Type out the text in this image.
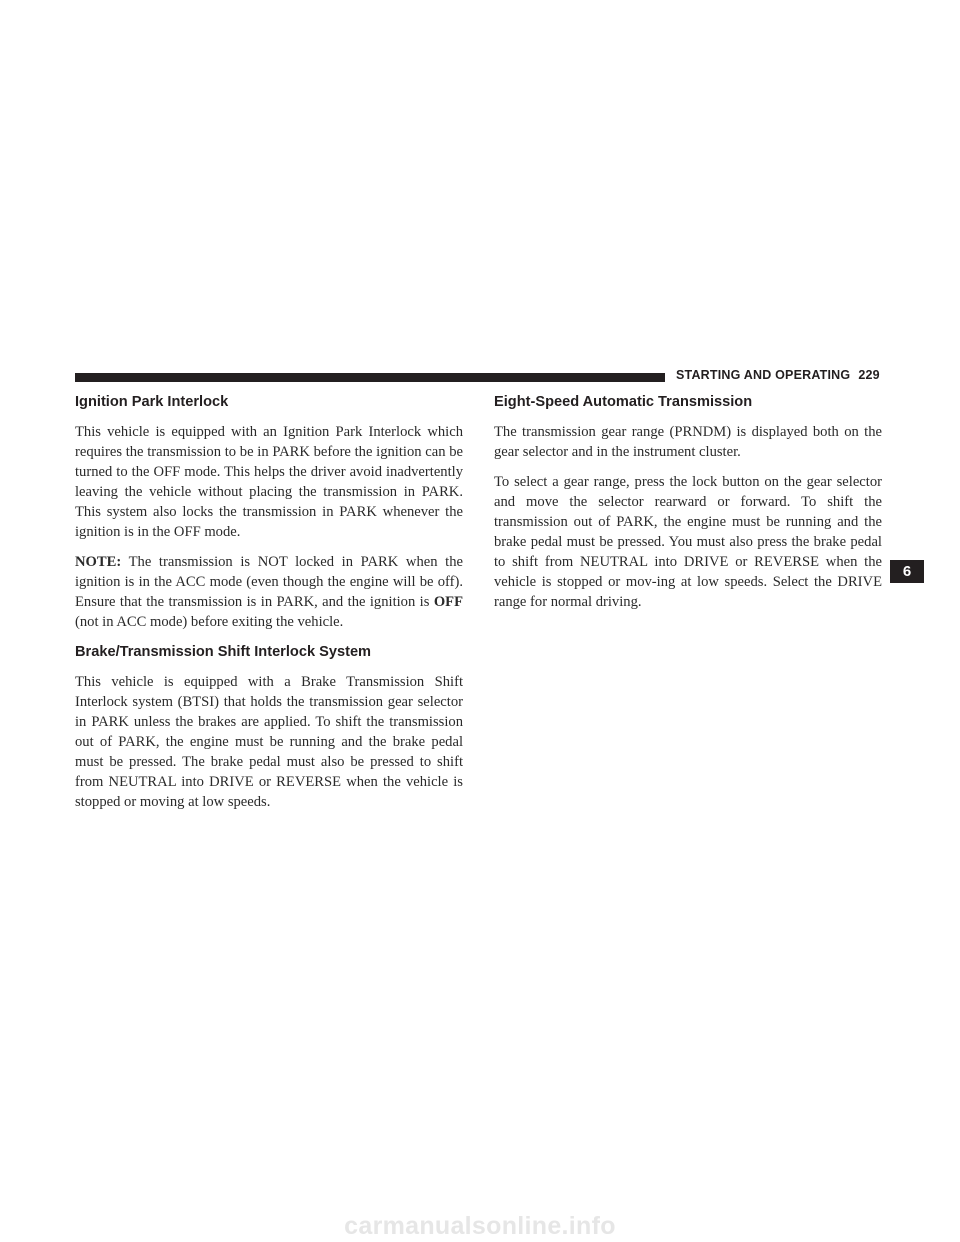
STARTING AND OPERATING 229
Ignition Park Interlock

This vehicle is equipped with an Ignition Park Interlock which requires the transmission to be in PARK before the ignition can be turned to the OFF mode. This helps the driver avoid inadvertently leaving the vehicle without placing the transmission in PARK. This system also locks the transmission in PARK whenever the ignition is in the OFF mode.

NOTE: The transmission is NOT locked in PARK when the ignition is in the ACC mode (even though the engine will be off). Ensure that the transmission is in PARK, and the ignition is OFF (not in ACC mode) before exiting the vehicle.

Brake/Transmission Shift Interlock System

This vehicle is equipped with a Brake Transmission Shift Interlock system (BTSI) that holds the transmission gear selector in PARK unless the brakes are applied. To shift the transmission out of PARK, the engine must be running and the brake pedal must be pressed. The brake pedal must also be pressed to shift from NEUTRAL into DRIVE or REVERSE when the vehicle is stopped or moving at low speeds.

Eight-Speed Automatic Transmission

The transmission gear range (PRNDM) is displayed both on the gear selector and in the instrument cluster.

To select a gear range, press the lock button on the gear selector and move the selector rearward or forward. To shift the transmission out of PARK, the engine must be running and the brake pedal must be pressed. You must also press the brake pedal to shift from NEUTRAL into DRIVE or REVERSE when the vehicle is stopped or mov-ing at low speeds. Select the DRIVE range for normal driving.

6
carmanualsonline.info
